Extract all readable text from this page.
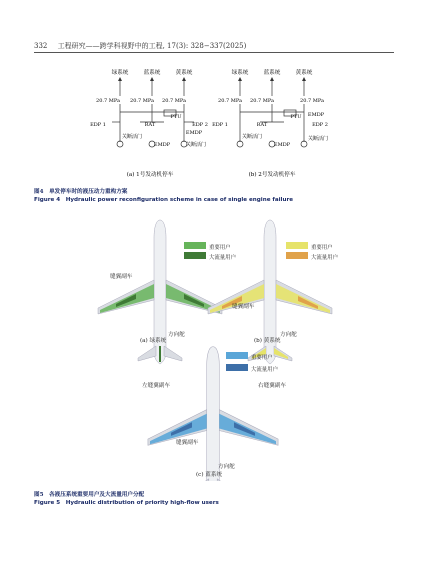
332 工程研究——跨学科视野中的工程, 17(3): 328−337(2025)
绿系统	蓝系统	黄系统
20.7 MPa 20.7 MPa 20.7 MPa
PTU
RAT
EDP 1	EDP 2
EMDP
EMDP
关断活门
关断活门
(a) 1号发动机停车
绿系统	蓝系统	黄系统
20.7 MPa 20.7 MPa	20.7 MPa
PTU
RAT
EDP 1	EDP 2
EMDP
EMDP
关断活门	关断活门
(b) 2号发动机停车
图4　单发停车时的液压动力重构方案
Figure 4　Hydraulic power reconfiguration scheme in case of single engine failure
重要用户
大流量用户
重要用户
大流量用户
重要用户
大流量用户
缝翼副车
方向舵
(a) 绿系统
缝翼副车
方向舵
(b) 黄系统
左缝翼副车	右缝翼副车
缝翼副车
方向舵
(c) 蓝系统
图5　各液压系统重要用户及大流量用户分配
Figure 5　Hydraulic distribution of priority high-flow users
